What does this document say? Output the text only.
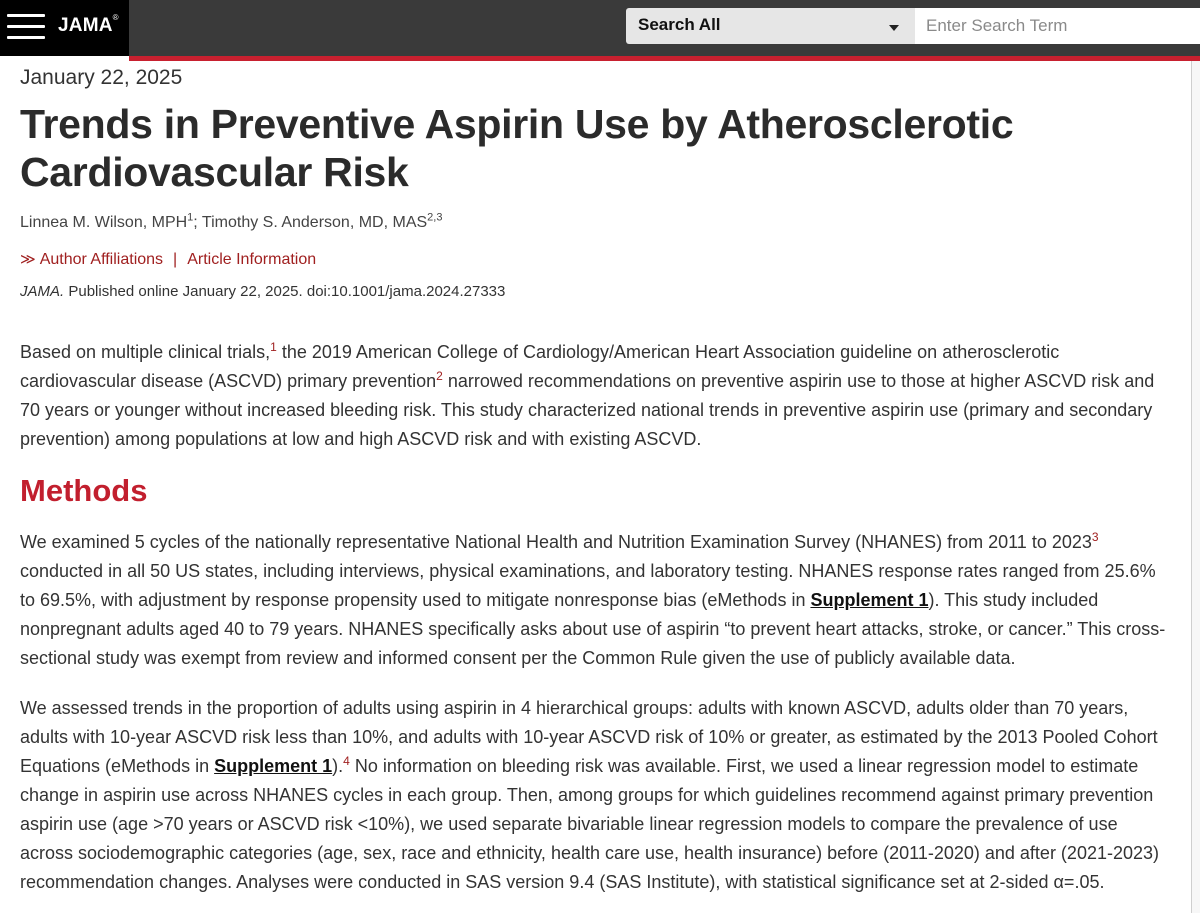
JAMA®	Search All
Enter Search Term
January 22, 2025
Trends in Preventive Aspirin Use by Atherosclerotic Cardiovascular Risk
Linnea M. Wilson, MPH$^1$; Timothy S. Anderson, MD, MAS$^{2,3}$
≫ Author Affiliations | Article Information
JAMA. Published online January 22, 2025. doi:10.1001/jama.2024.27333

Based on multiple clinical trials,$^1$ the 2019 American College of Cardiology/American Heart Association guideline on atherosclerotic cardiovascular disease (ASCVD) primary prevention$^2$ narrowed recommendations on preventive aspirin use to those at higher ASCVD risk and 70 years or younger without increased bleeding risk. This study characterized national trends in preventive aspirin use (primary and secondary prevention) among populations at low and high ASCVD risk and with existing ASCVD.

Methods

We examined 5 cycles of the nationally representative National Health and Nutrition Examination Survey (NHANES) from 2011 to 2023$^3$ conducted in all 50 US states, including interviews, physical examinations, and laboratory testing. NHANES response rates ranged from 25.6% to 69.5%, with adjustment by response propensity used to mitigate nonresponse bias (eMethods in Supplement 1). This study included nonpregnant adults aged 40 to 79 years. NHANES specifically asks about use of aspirin “to prevent heart attacks, stroke, or cancer.” This cross-sectional study was exempt from review and informed consent per the Common Rule given the use of publicly available data.

We assessed trends in the proportion of adults using aspirin in 4 hierarchical groups: adults with known ASCVD, adults older than 70 years, adults with 10-year ASCVD risk less than 10%, and adults with 10-year ASCVD risk of 10% or greater, as estimated by the 2013 Pooled Cohort Equations (eMethods in Supplement 1).$^4$ No information on bleeding risk was available. First, we used a linear regression model to estimate change in aspirin use across NHANES cycles in each group. Then, among groups for which guidelines recommend against primary prevention aspirin use (age >70 years or ASCVD risk <10%), we used separate bivariable linear regression models to compare the prevalence of use across sociodemographic categories (age, sex, race and ethnicity, health care use, health insurance) before (2011-2020) and after (2021-2023) recommendation changes. Analyses were conducted in SAS version 9.4 (SAS Institute), with statistical significance set at 2-sided α=.05.
